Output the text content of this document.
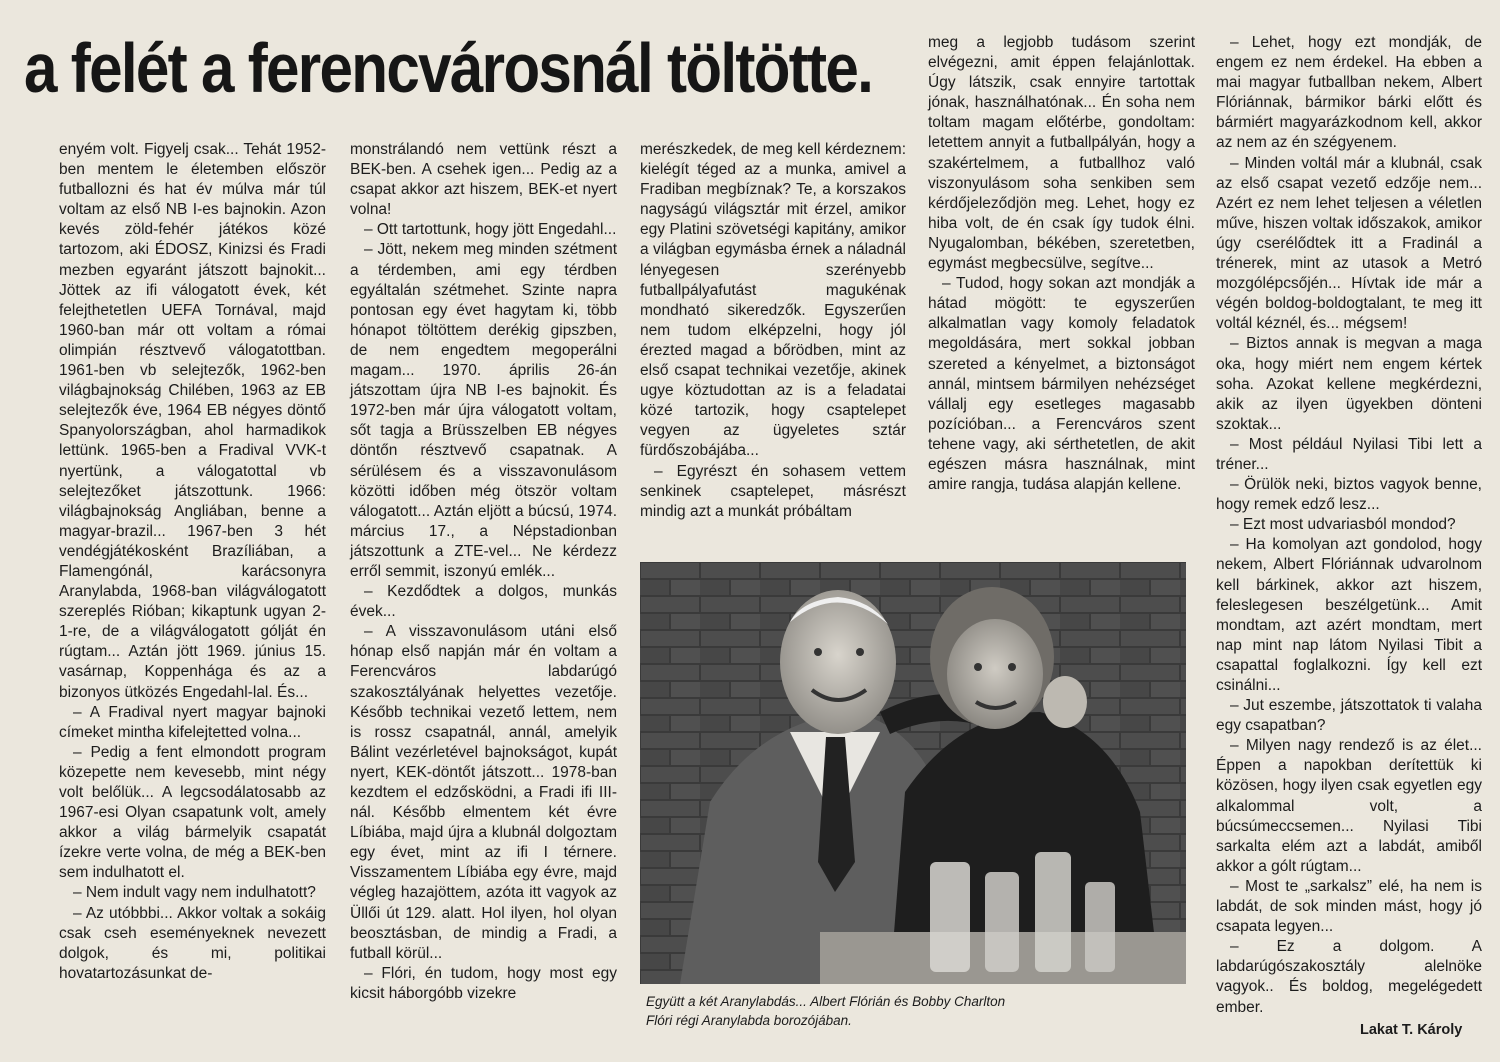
a felét a ferencvárosnál töltötte.

enyém volt. Figyelj csak... Tehát 1952-ben mentem le életemben először futballozni és hat év múlva már túl voltam az első NB I-es bajnokin. Azon kevés zöld-fehér játékos közé tartozom, aki ÉDOSZ, Kinizsi és Fradi mezben egyaránt játszott bajnokit... Jöttek az ifi válogatott évek, két felejthetetlen UEFA Tornával, majd 1960-ban már ott voltam a római olimpián résztvevő válogatottban. 1961-ben vb selejtezők, 1962-ben világbajnokság Chilében, 1963 az EB selejtezők éve, 1964 EB négyes döntő Spanyolországban, ahol harmadikok lettünk. 1965-ben a Fradival VVK-t nyertünk, a válogatottal vb selejtezőket játszottunk. 1966: világbajnokság Angliában, benne a magyar-brazil... 1967-ben 3 hét vendégjátékosként Brazíliában, a Flamengónál, karácsonyra Aranylabda, 1968-ban világválogatott szereplés Rióban; kikaptunk ugyan 2-1-re, de a világválogatott gólját én rúgtam... Aztán jött 1969. június 15. vasárnap, Koppenhága és az a bizonyos ütközés Engedahl-lal. És...

– A Fradival nyert magyar bajnoki címeket mintha kifelejtetted volna...

– Pedig a fent elmondott program közepette nem kevesebb, mint négy volt belőlük... A legcsodálatosabb az 1967-esi Olyan csapatunk volt, amely akkor a világ bármelyik csapatát ízekre verte volna, de még a BEK-ben sem indulhatott el.

– Nem indult vagy nem indulhatott?

– Az utóbbbi... Akkor voltak a sokáig csak cseh eseményeknek nevezett dolgok, és mi, politikai hovatartozásunkat de-

monstrálandó nem vettünk részt a BEK-ben. A csehek igen... Pedig az a csapat akkor azt hiszem, BEK-et nyert volna!

– Ott tartottunk, hogy jött Engedahl...

– Jött, nekem meg minden szétment a térdemben, ami egy térdben egyáltalán szétmehet. Szinte napra pontosan egy évet hagytam ki, több hónapot töltöttem derékig gipszben, de nem engedtem megoperálni magam... 1970. április 26-án játszottam újra NB I-es bajnokit. És 1972-ben már újra válogatott voltam, sőt tagja a Brüsszelben EB négyes döntőn résztvevő csapatnak. A sérülésem és a visszavonulásom közötti időben még ötször voltam válogatott... Aztán eljött a búcsú, 1974. március 17., a Népstadionban játszottunk a ZTE-vel... Ne kérdezz erről semmit, iszonyú emlék...

– Kezdődtek a dolgos, munkás évek...

– A visszavonulásom utáni első hónap első napján már én voltam a Ferencváros labdarúgó szakosztályának helyettes vezetője. Később technikai vezető lettem, nem is rossz csapatnál, annál, amelyik Bálint vezérletével bajnokságot, kupát nyert, KEK-döntőt játszott... 1978-ban kezdtem el edzősködni, a Fradi ifi III-nál. Később elmentem két évre Líbiába, majd újra a klubnál dolgoztam egy évet, mint az ifi I térnere. Visszamentem Líbiába egy évre, majd végleg hazajöttem, azóta itt vagyok az Üllői út 129. alatt. Hol ilyen, hol olyan beosztásban, de mindig a Fradi, a futball körül...

– Flóri, én tudom, hogy most egy kicsit háborgóbb vizekre

merészkedek, de meg kell kérdeznem: kielégít téged az a munka, amivel a Fradiban megbíznak? Te, a korszakos nagyságú világsztár mit érzel, amikor egy Platini szövetségi kapitány, amikor a világban egymásba érnek a náladnál lényegesen szerényebb futballpályafutást magukénak mondható sikeredzők. Egyszerűen nem tudom elképzelni, hogy jól érezted magad a bőrödben, mint az első csapat technikai vezetője, akinek ugye köztudottan az is a feladatai közé tartozik, hogy csaptelepet vegyen az ügyeletes sztár fürdőszobájába...

– Egyrészt én sohasem vettem senkinek csaptelepet, másrészt mindig azt a munkát próbáltam

meg a legjobb tudásom szerint elvégezni, amit éppen felajánlottak. Úgy látszik, csak ennyire tartottak jónak, használhatónak... Én soha nem toltam magam előtérbe, gondoltam: letettem annyit a futballpályán, hogy a szakértelmem, a futballhoz való viszonyulásom soha senkiben sem kérdőjeleződjön meg. Lehet, hogy ez hiba volt, de én csak így tudok élni. Nyugalomban, békében, szeretetben, egymást megbecsülve, segítve...

– Tudod, hogy sokan azt mondják a hátad mögött: te egyszerűen alkalmatlan vagy komoly feladatok megoldására, mert sokkal jobban szereted a kényelmet, a biztonságot annál, mintsem bármilyen nehézséget vállalj egy esetleges magasabb pozícióban... a Ferencváros szent tehene vagy, aki sérthetetlen, de akit egészen másra használnak, mint amire rangja, tudása alapján kellene.

– Lehet, hogy ezt mondják, de engem ez nem érdekel. Ha ebben a mai magyar futballban nekem, Albert Flóriánnak, bármikor bárki előtt és bármiért magyarázkodnom kell, akkor az nem az én szégyenem.

– Minden voltál már a klubnál, csak az első csapat vezető edzője nem... Azért ez nem lehet teljesen a véletlen műve, hiszen voltak időszakok, amikor úgy cserélődtek itt a Fradinál a trénerek, mint az utasok a Metró mozgólépcsőjén... Hívtak ide már a végén boldog-boldogtalant, te meg itt voltál kéznél, és... mégsem!

– Biztos annak is megvan a maga oka, hogy miért nem engem kértek soha. Azokat kellene megkérdezni, akik az ilyen ügyekben dönteni szoktak...

– Most például Nyilasi Tibi lett a tréner...

– Örülök neki, biztos vagyok benne, hogy remek edző lesz...

– Ezt most udvariasból mondod?

– Ha komolyan azt gondolod, hogy nekem, Albert Flóriánnak udvarolnom kell bárkinek, akkor azt hiszem, feleslegesen beszélgetünk... Amit mondtam, azt azért mondtam, mert nap mint nap látom Nyilasi Tibit a csapattal foglalkozni. Így kell ezt csinálni...

– Jut eszembe, játszottatok ti valaha egy csapatban?

– Milyen nagy rendező is az élet... Éppen a napokban derítettük ki közösen, hogy ilyen csak egyetlen egy alkalommal volt, a búcsúmeccsemen... Nyilasi Tibi sarkalta elém azt a labdát, amiből akkor a gólt rúgtam...

– Most te „sarkalsz” elé, ha nem is labdát, de sok minden mást, hogy jó csapata legyen...

– Ez a dolgom. A labdarúgószakosztály alelnöke vagyok.. És boldog, megelégedett ember.

Együtt a két Aranylabdás... Albert Flórián és Bobby Charlton
Flóri régi Aranylabda borozójában.
Lakat T. Károly
